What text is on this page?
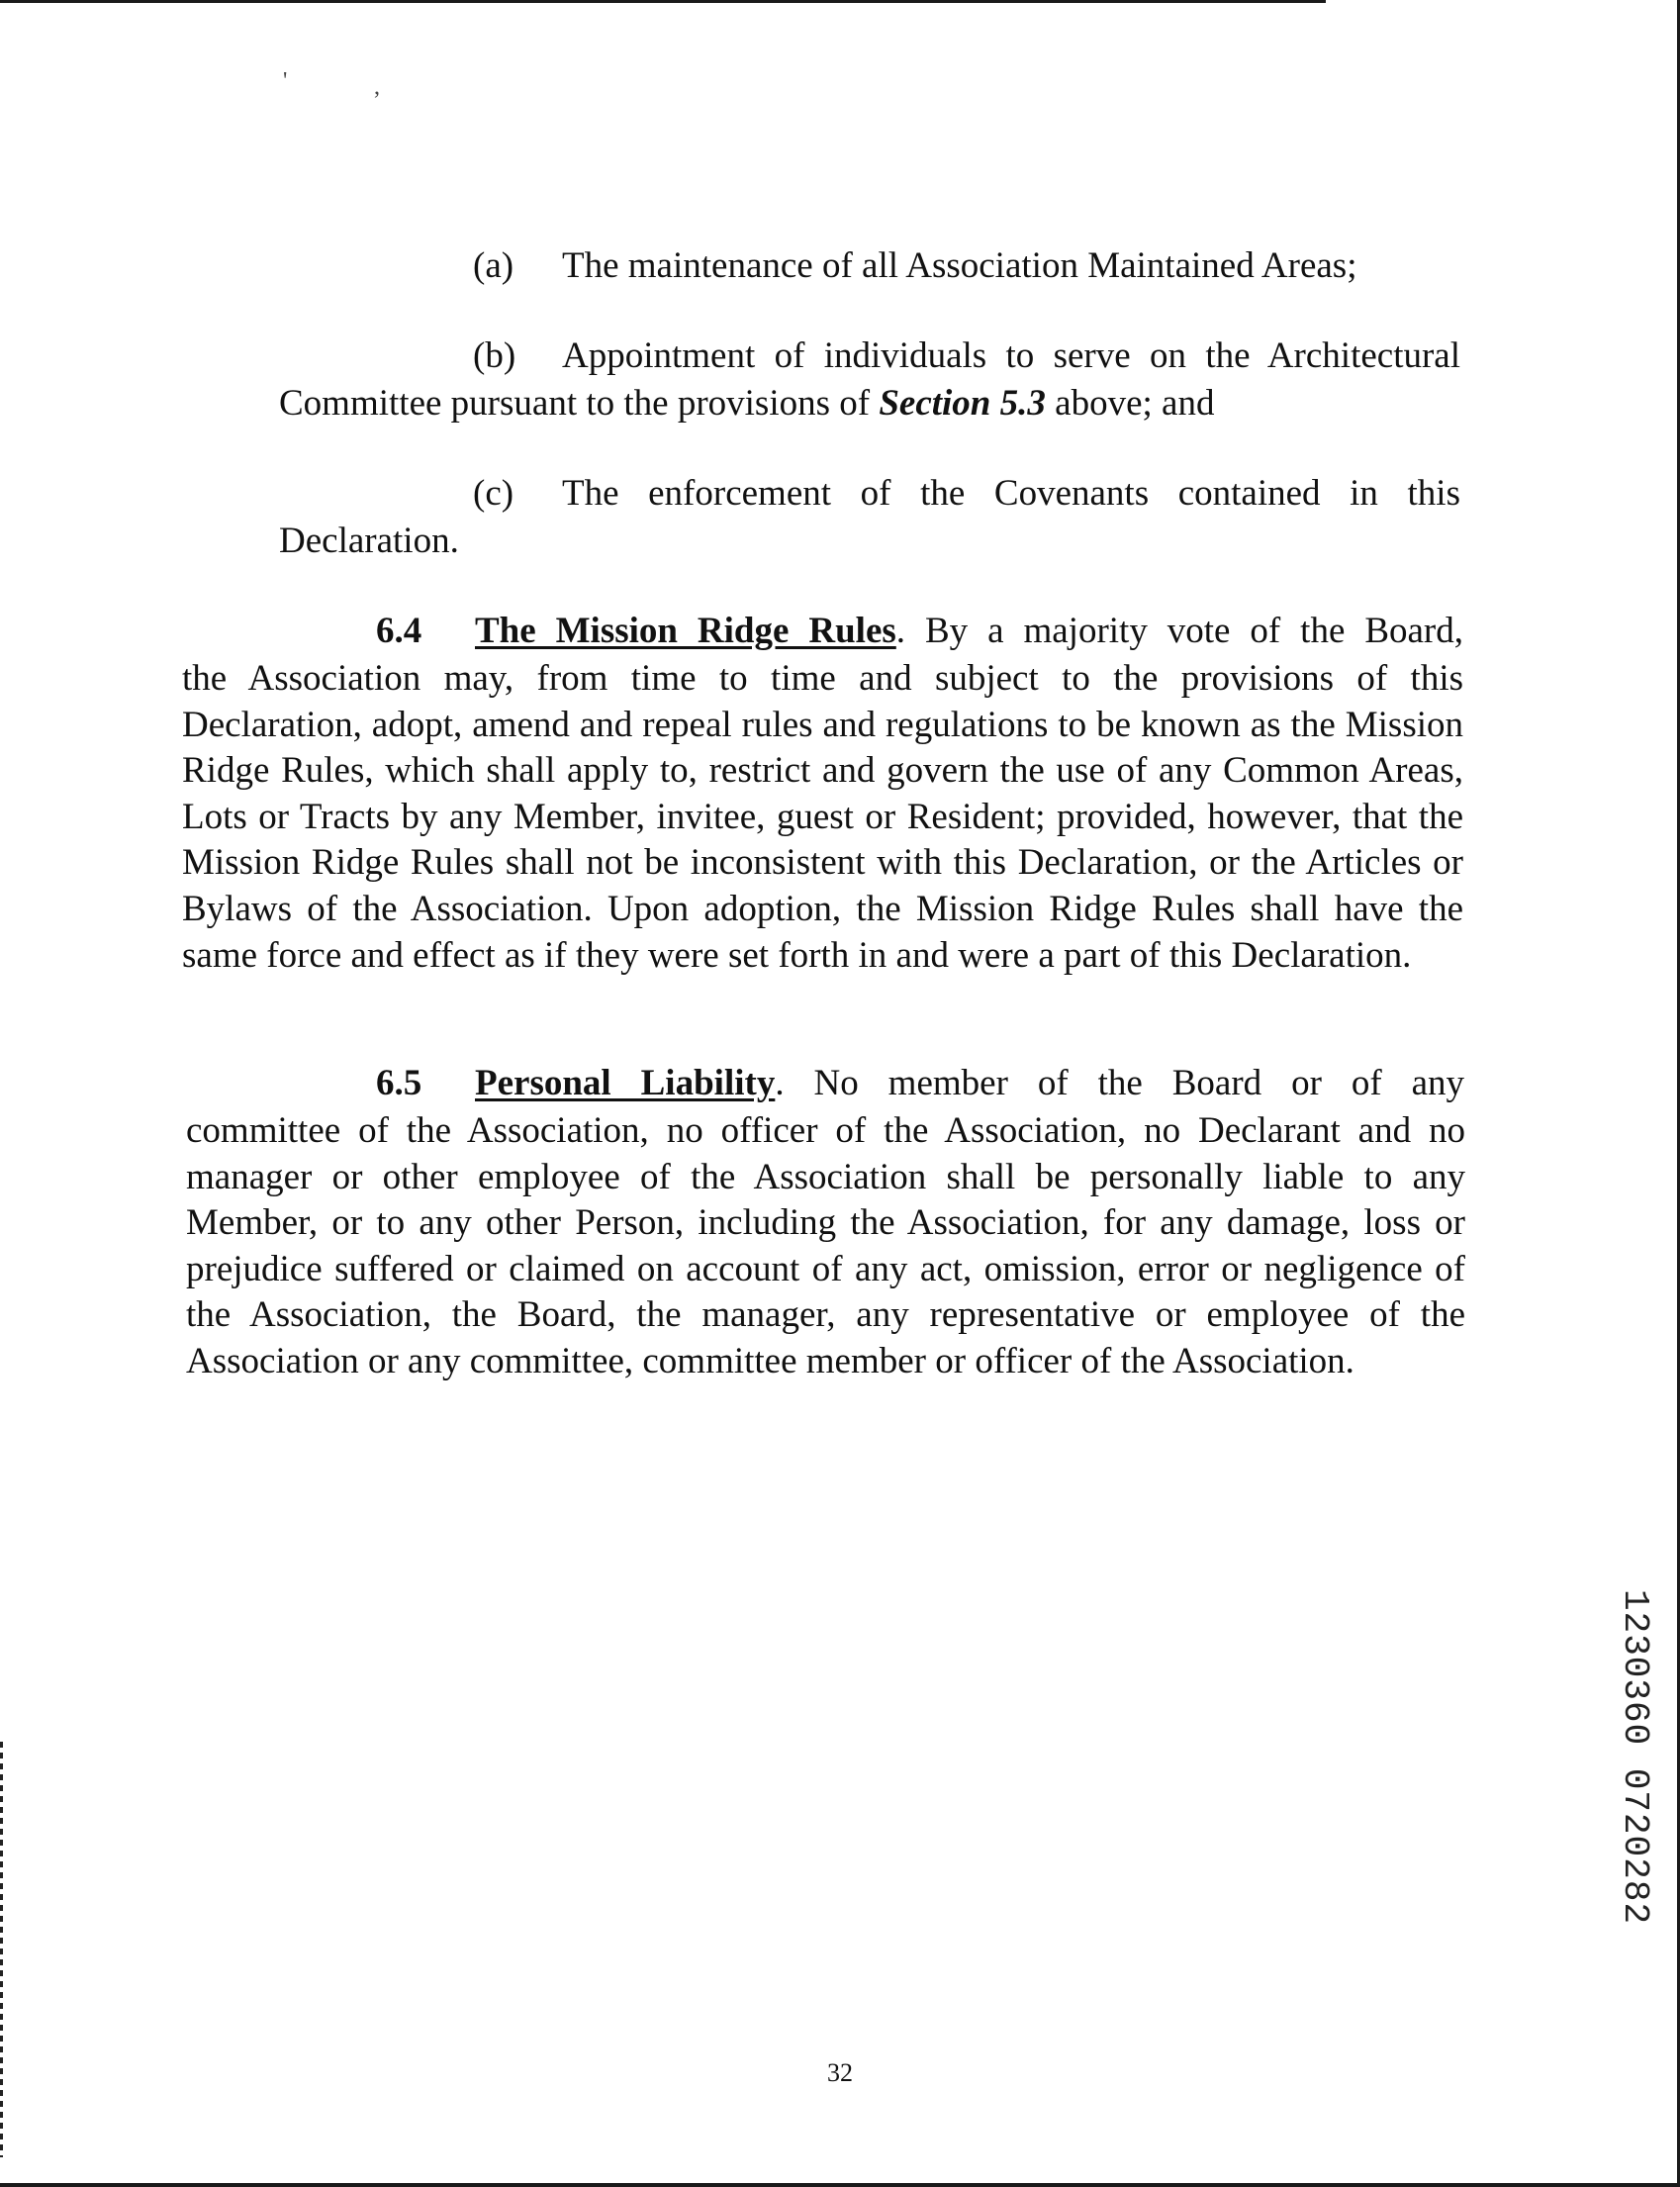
'	,
(a) The maintenance of all Association Maintained Areas;
(b) Appointment of individuals to serve on the Architectural
Committee pursuant to the provisions of Section 5.3 above; and
(c) The enforcement of the Covenants contained in this
Declaration.
6.4 The Mission Ridge Rules. By a majority vote of the Board,
the Association may, from time to time and subject to the provisions of this Declaration, adopt, amend and repeal rules and regulations to be known as the Mission Ridge Rules, which shall apply to, restrict and govern the use of any Common Areas, Lots or Tracts by any Member, invitee, guest or Resident; provided, however, that the Mission Ridge Rules shall not be inconsistent with this Declaration, or the Articles or Bylaws of the Association. Upon adoption, the Mission Ridge Rules shall have the same force and effect as if they were set forth in and were a part of this Declaration.
6.5 Personal Liability. No member of the Board or of any
committee of the Association, no officer of the Association, no Declarant and no manager or other employee of the Association shall be personally liable to any Member, or to any other Person, including the Association, for any damage, loss or prejudice suffered or claimed on account of any act, omission, error or negligence of the Association, the Board, the manager, any representative or employee of the Association or any committee, committee member or officer of the Association.
1230360 0720282
32
